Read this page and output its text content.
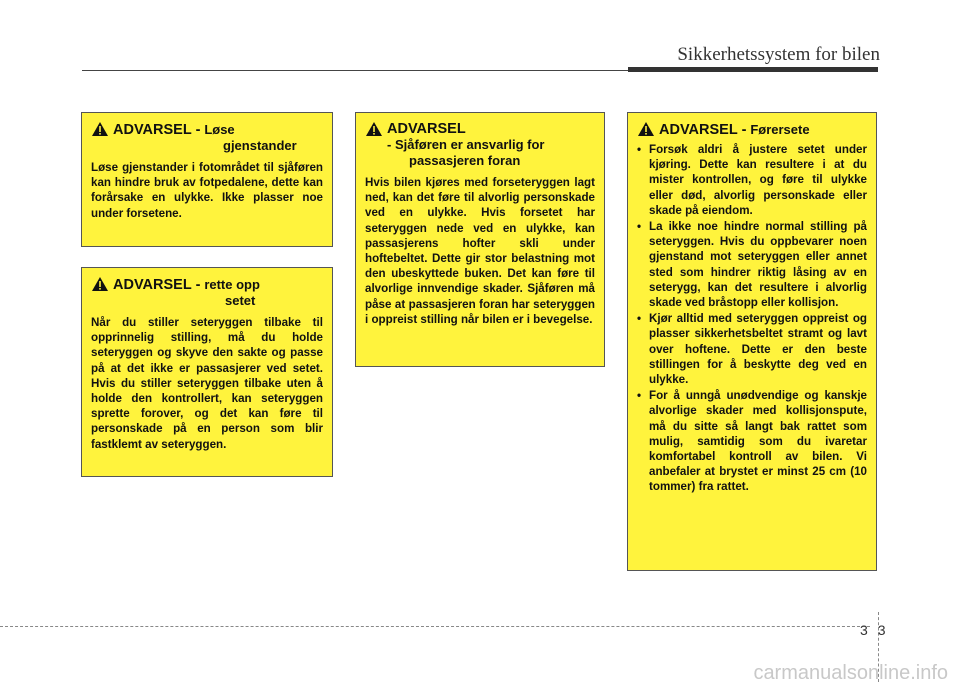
Sikkerhetssystem for bilen
ADVARSEL - Løse
gjenstander
Løse gjenstander i fotområdet til sjåføren kan hindre bruk av fotpedalene, dette kan forårsake en ulykke. Ikke plasser noe under forsetene.
ADVARSEL - rette opp
setet
Når du stiller seteryggen tilbake til opprinnelig stilling, må du holde seteryggen og skyve den sakte og passe på at det ikke er passasjerer ved setet. Hvis du stiller seteryggen tilbake uten å holde den kontrollert, kan seteryggen sprette forover, og det kan føre til personskade på en person som blir fastklemt av seteryggen.
ADVARSEL
- Sjåføren er ansvarlig for
passasjeren foran
Hvis bilen kjøres med forseteryggen lagt ned, kan det føre til alvorlig personskade ved en ulykke. Hvis forsetet har seteryggen nede ved en ulykke, kan passasjerens hofter skli under hoftebeltet. Dette gir stor belastning mot den ubeskyttede buken. Det kan føre til alvorlige innvendige skader. Sjåføren må påse at passasjeren foran har seteryggen i oppreist stilling når bilen er i bevegelse.
ADVARSEL - Førersete
• Forsøk aldri å justere setet under kjøring. Dette kan resultere i at du mister kontrollen, og føre til ulykke eller død, alvorlig personskade eller skade på eiendom.
• La ikke noe hindre normal stilling på seteryggen. Hvis du oppbevarer noen gjenstand mot seteryggen eller annet sted som hindrer riktig låsing av en seterygg, kan det resultere i alvorlig skade ved bråstopp eller kollisjon.
• Kjør alltid med seteryggen oppreist og plasser sikkerhetsbeltet stramt og lavt over hoftene. Dette er den beste stillingen for å beskytte deg ved en ulykke.
• For å unngå unødvendige og kanskje alvorlige skader med kollisjonspute, må du sitte så langt bak rattet som mulig, samtidig som du ivaretar komfortabel kontroll av bilen. Vi anbefaler at brystet er minst 25 cm (10 tommer) fra rattet.
3 3
carmanualsonline.info
